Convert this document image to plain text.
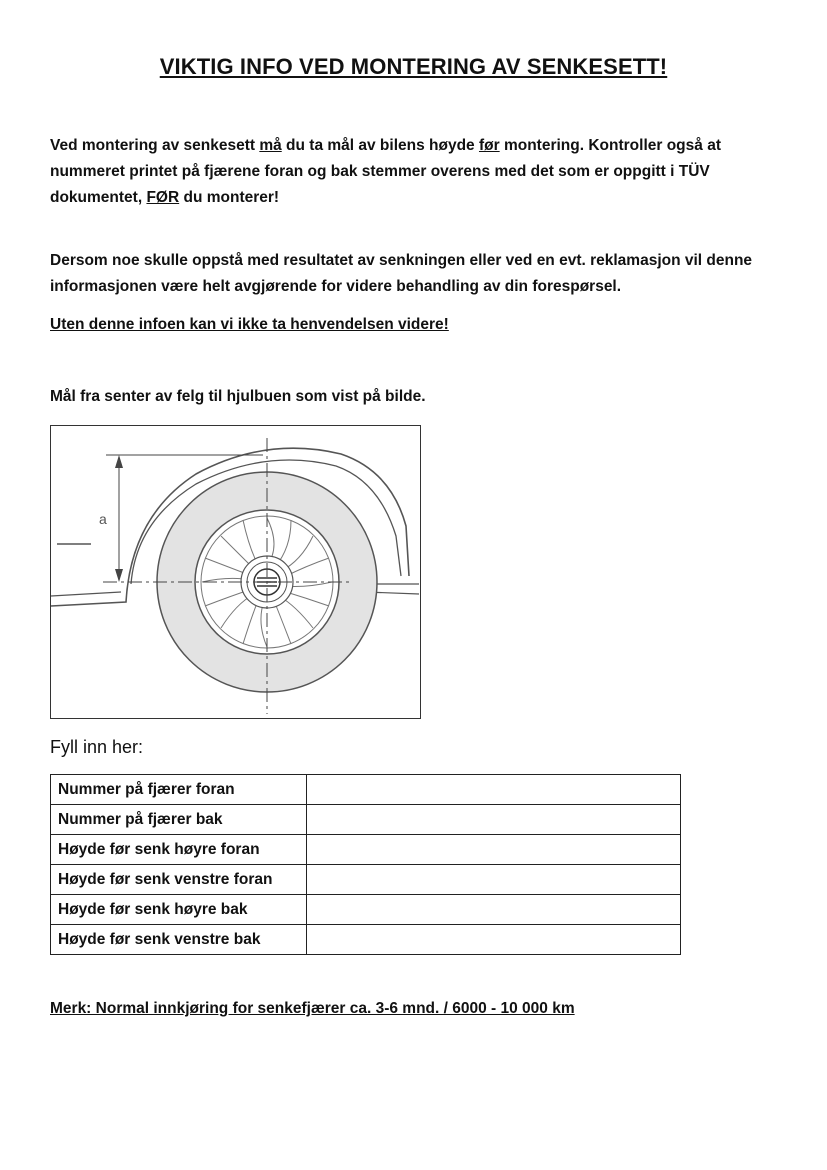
VIKTIG INFO VED MONTERING AV SENKESETT!
Ved montering av senkesett må du ta mål av bilens høyde før montering. Kontroller også at nummeret printet på fjærene foran og bak stemmer overens med det som er oppgitt i TÜV dokumentet, FØR du monterer!
Dersom noe skulle oppstå med resultatet av senkningen eller ved en evt. reklamasjon vil denne informasjonen være helt avgjørende for videre behandling av din forespørsel.
Uten denne infoen kan vi ikke ta henvendelsen videre!
Mål fra senter av felg til hjulbuen som vist på bilde.
a
Fyll inn her:
Nummer på fjærer foran	
Nummer på fjærer bak	
Høyde før senk høyre foran	
Høyde før senk venstre foran	
Høyde før senk høyre bak	
Høyde før senk venstre bak	
Merk: Normal innkjøring for senkefjærer ca. 3-6 mnd. / 6000 - 10 000 km
